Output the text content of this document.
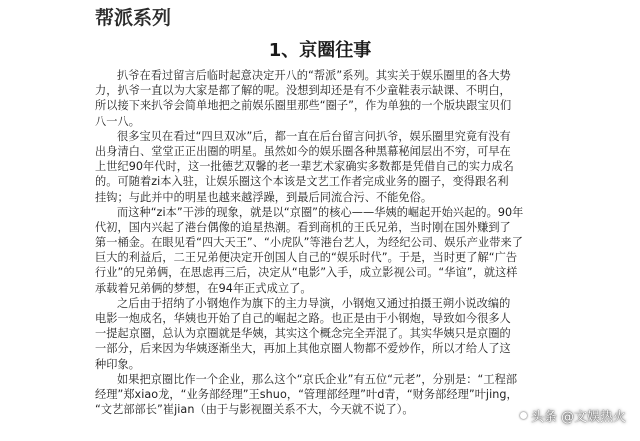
帮派系列
1、京圈往事
扒爷在看过留言后临时起意决定开八的“帮派”系列。其实关于娱乐圈里的各大势
力，扒爷一直以为大家是都了解的呢。没想到却还是有不少童鞋表示缺课、不明白，
所以接下来扒爷会简单地把之前娱乐圈里那些“圈子”，作为单独的一个版块跟宝贝们
八一八。
很多宝贝在看过“四旦双冰”后，都一直在后台留言问扒爷，娱乐圈里究竟有没有
出身清白、堂堂正正出圈的明星。虽然如今的娱乐圈各种黑幕秘闻层出不穷，可早在
上世纪90年代时，这一批德艺双馨的老一辈艺术家确实多数都是凭借自己的实力成名
的。可随着zi本入驻，让娱乐圈这个本该是文艺工作者完成业务的圈子，变得跟名利
挂钩；与此并中的明星也越来越浮躁，到最后同流合污、不能免俗。
而这种“zi本”干涉的现象，就是以“京圈”的核心——华姨的崛起开始兴起的。90年
代初，国内兴起了港台偶像的追星热潮。看到商机的王氏兄弟，当时刚在国外赚到了
第一桶金。在眼见看“四大天王”、“小虎队”等港台艺人，为经纪公司、娱乐产业带来了
巨大的利益后，二王兄弟便决定开创国人自己的“娱乐时代”。于是，当时更了解“广告
行业”的兄弟俩，在思虑再三后，决定从“电影”入手，成立影视公司。“华谊”，就这样
承载着兄弟俩的梦想，在94年正式成立了。
之后由于招纳了小钢炮作为旗下的主力导演，小钢炮又通过拍摄王朔小说改编的
电影一炮成名，华姨也开始了自己的崛起之路。也正是由于小钢炮，导致如今很多人
一提起京圈，总认为京圈就是华姨，其实这个概念完全弄混了。其实华姨只是京圈的
一部分，后来因为华姨逐渐坐大，再加上其他京圈人物都不爱炒作，所以才给人了这
种印象。
如果把京圈比作一个企业，那么这个“京氏企业”有五位“元老”，分别是：“工程部
经理”郑xiao龙，“业务部经理”王shuo，“管理部经理”叶d青，“财务部经理”叶jing，
“文艺部部长”崔jian（由于与影视圈关系不大，今天就不说了）。
头条 @文娱热火
